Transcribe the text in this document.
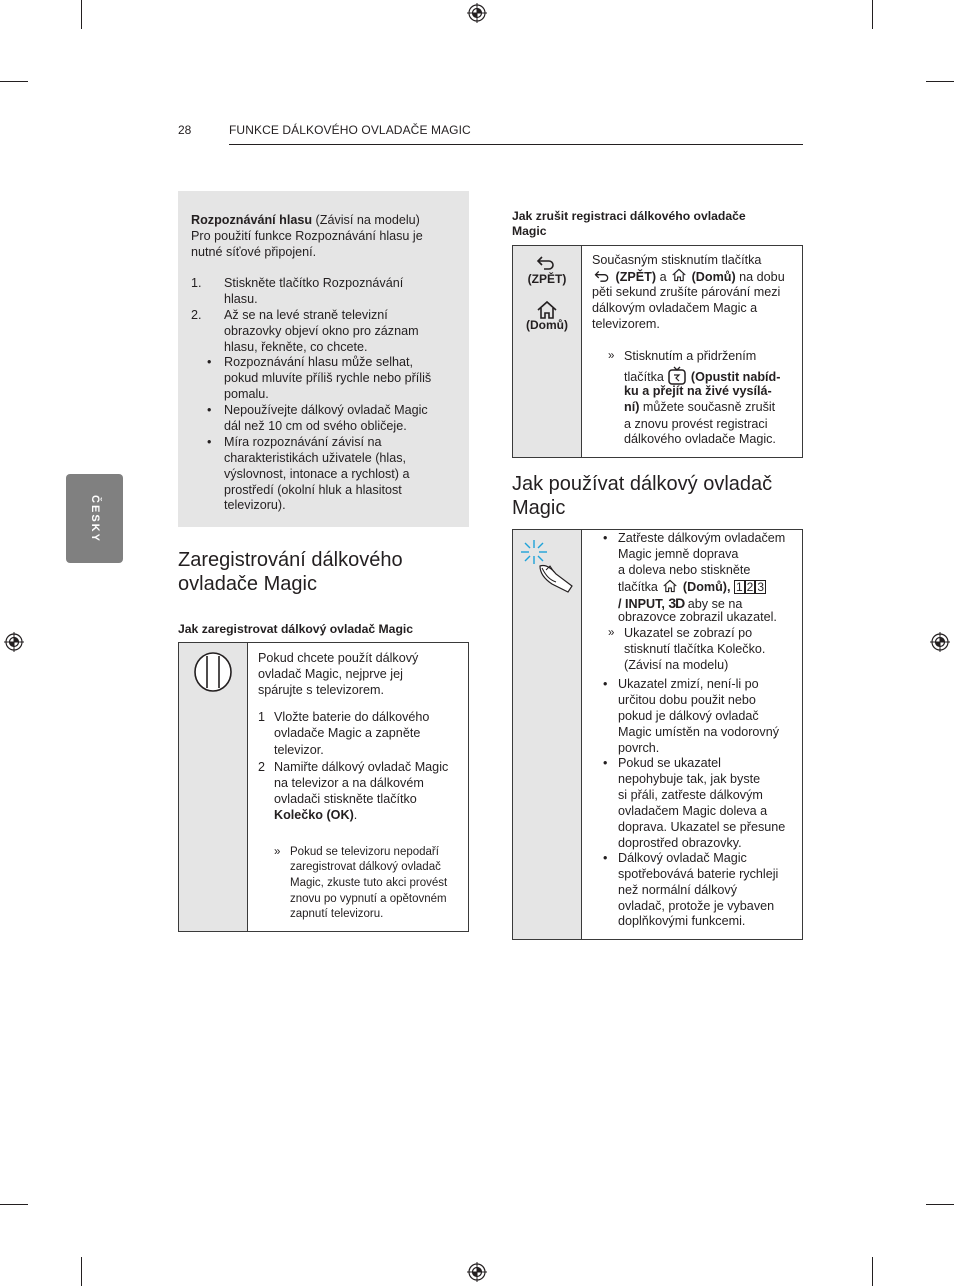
28	FUNKCE DÁLKOVÉHO OVLADAČE MAGIC
ČESKY
Rozpoznávání hlasu (Závisí na modelu)
Pro použití funkce Rozpoznávání hlasu je
nutné síťové připojení.
1. Stiskněte tlačítko Rozpoznávání
hlasu.
2. Až se na levé straně televizní
obrazovky objeví okno pro záznam
hlasu, řekněte, co chcete.
• Rozpoznávání hlasu může selhat,
pokud mluvíte příliš rychle nebo příliš
pomalu.
• Nepoužívejte dálkový ovladač Magic
dál než 10 cm od svého obličeje.
• Míra rozpoznávání závisí na
charakteristikách uživatele (hlas,
výslovnost, intonace a rychlost) a
prostředí (okolní hluk a hlasitost
televizoru).
Zaregistrování dálkového
ovladače Magic
Jak zaregistrovat dálkový ovladač Magic
Pokud chcete použít dálkový
ovladač Magic, nejprve jej
spárujte s televizorem.
1 Vložte baterie do dálkového
ovladače Magic a zapněte
televizor.
2 Namiřte dálkový ovladač Magic
na televizor a na dálkovém
ovladači stiskněte tlačítko
Kolečko (OK).
» Pokud se televizoru nepodaří
zaregistrovat dálkový ovladač
Magic, zkuste tuto akci provést
znovu po vypnutí a opětovném
zapnutí televizoru.
Jak zrušit registraci dálkového ovladače
Magic
(ZPĚT)
(Domů)
Současným stisknutím tlačítka
(ZPĚT) a  (Domů) na dobu
pěti sekund zrušíte párování mezi
dálkovým ovladačem Magic a
televizorem.
» Stisknutím a přidržením
tlačítka  (Opustit nabíd-
ku a přejít na živé vysílá-
ní) můžete současně zrušit
a znovu provést registraci
dálkového ovladače Magic.
Jak používat dálkový ovladač
Magic
• Zatřeste dálkovým ovladačem
Magic jemně doprava
a doleva nebo stiskněte
tlačítka  (Domů), 1 2 3
/ INPUT, 3D aby se na
obrazovce zobrazil ukazatel.
» Ukazatel se zobrazí po
stisknutí tlačítka Kolečko.
(Závisí na modelu)
• Ukazatel zmizí, není-li po
určitou dobu použit nebo
pokud je dálkový ovladač
Magic umístěn na vodorovný
povrch.
• Pokud se ukazatel
nepohybuje tak, jak byste
si přáli, zatřeste dálkovým
ovladačem Magic doleva a
doprava. Ukazatel se přesune
doprostřed obrazovky.
• Dálkový ovladač Magic
spotřebovává baterie rychleji
než normální dálkový
ovladač, protože je vybaven
doplňkovými funkcemi.
